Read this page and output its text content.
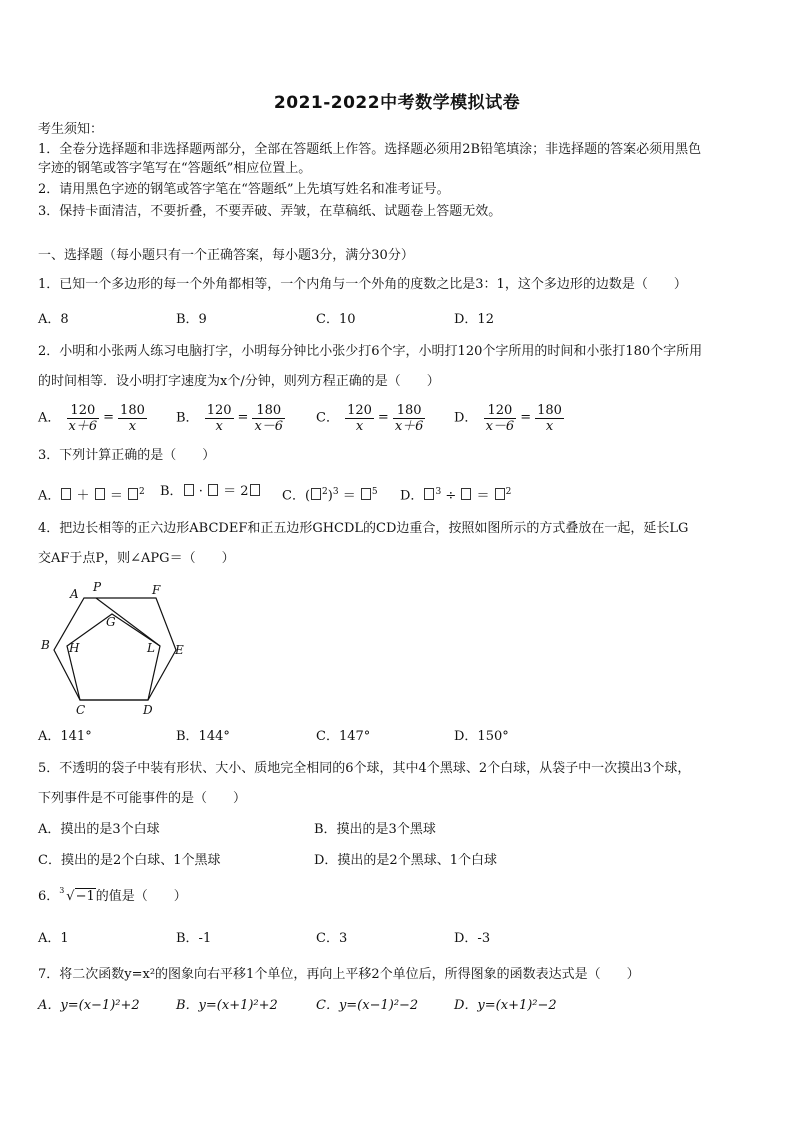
2021-2022中考数学模拟试卷
考生须知：
1．全卷分选择题和非选择题两部分，全部在答题纸上作答。选择题必须用2B铅笔填涂；非选择题的答案必须用黑色
字迹的钢笔或答字笔写在“答题纸”相应位置上。
2．请用黑色字迹的钢笔或答字笔在“答题纸”上先填写姓名和准考证号。
3．保持卡面清洁，不要折叠，不要弄破、弄皱，在草稿纸、试题卷上答题无效。
一、选择题（每小题只有一个正确答案，每小题3分，满分30分）
1．已知一个多边形的每一个外角都相等，一个内角与一个外角的度数之比是3：1，这个多边形的边数是（　　）
A．8	B．9	C．10	D．12
2．小明和小张两人练习电脑打字，小明每分钟比小张少打6个字，小明打120个字所用的时间和小张打180个字所用
的时间相等．设小明打字速度为x个/分钟，则列方程正确的是（　　）
A． $\frac{120}{x+6} = \frac{180}{x}$ B． $\frac{120}{x} = \frac{180}{x-6}$ C． $\frac{120}{x} = \frac{180}{x+6}$ D． $\frac{120}{x-6} = \frac{180}{x}$
3．下列计算正确的是（　　）
A． ＋ ＝ $^2$ B． · ＝ 2	C．( $^2$)$^3$ ＝ $^5$ D． $^3$ ÷ ＝ $^2$
4．把边长相等的正六边形ABCDEF和正五边形GHCDL的CD边重合，按照如图所示的方式叠放在一起，延长LG
交AF于点P，则∠APG＝（　　）
A P	F
G
B H	L E
C	D
A．141°	B．144°	C．147°	D．150°
5．不透明的袋子中装有形状、大小、质地完全相同的6个球，其中4个黑球、2个白球，从袋子中一次摸出3个球，
下列事件是不可能事件的是（　　）
A．摸出的是3个白球	B．摸出的是3个黑球
C．摸出的是2个白球、1个黑球	D．摸出的是2个黑球、1个白球
6． 3 √−1的值是（　　）
A．1	B．-1	C．3	D．-3
7．将二次函数y=x²的图象向右平移1个单位，再向上平移2个单位后，所得图象的函数表达式是（　　）
A．y=(x−1)²+2	B．y=(x+1)²+2	C．y=(x−1)²−2	D．y=(x+1)²−2
